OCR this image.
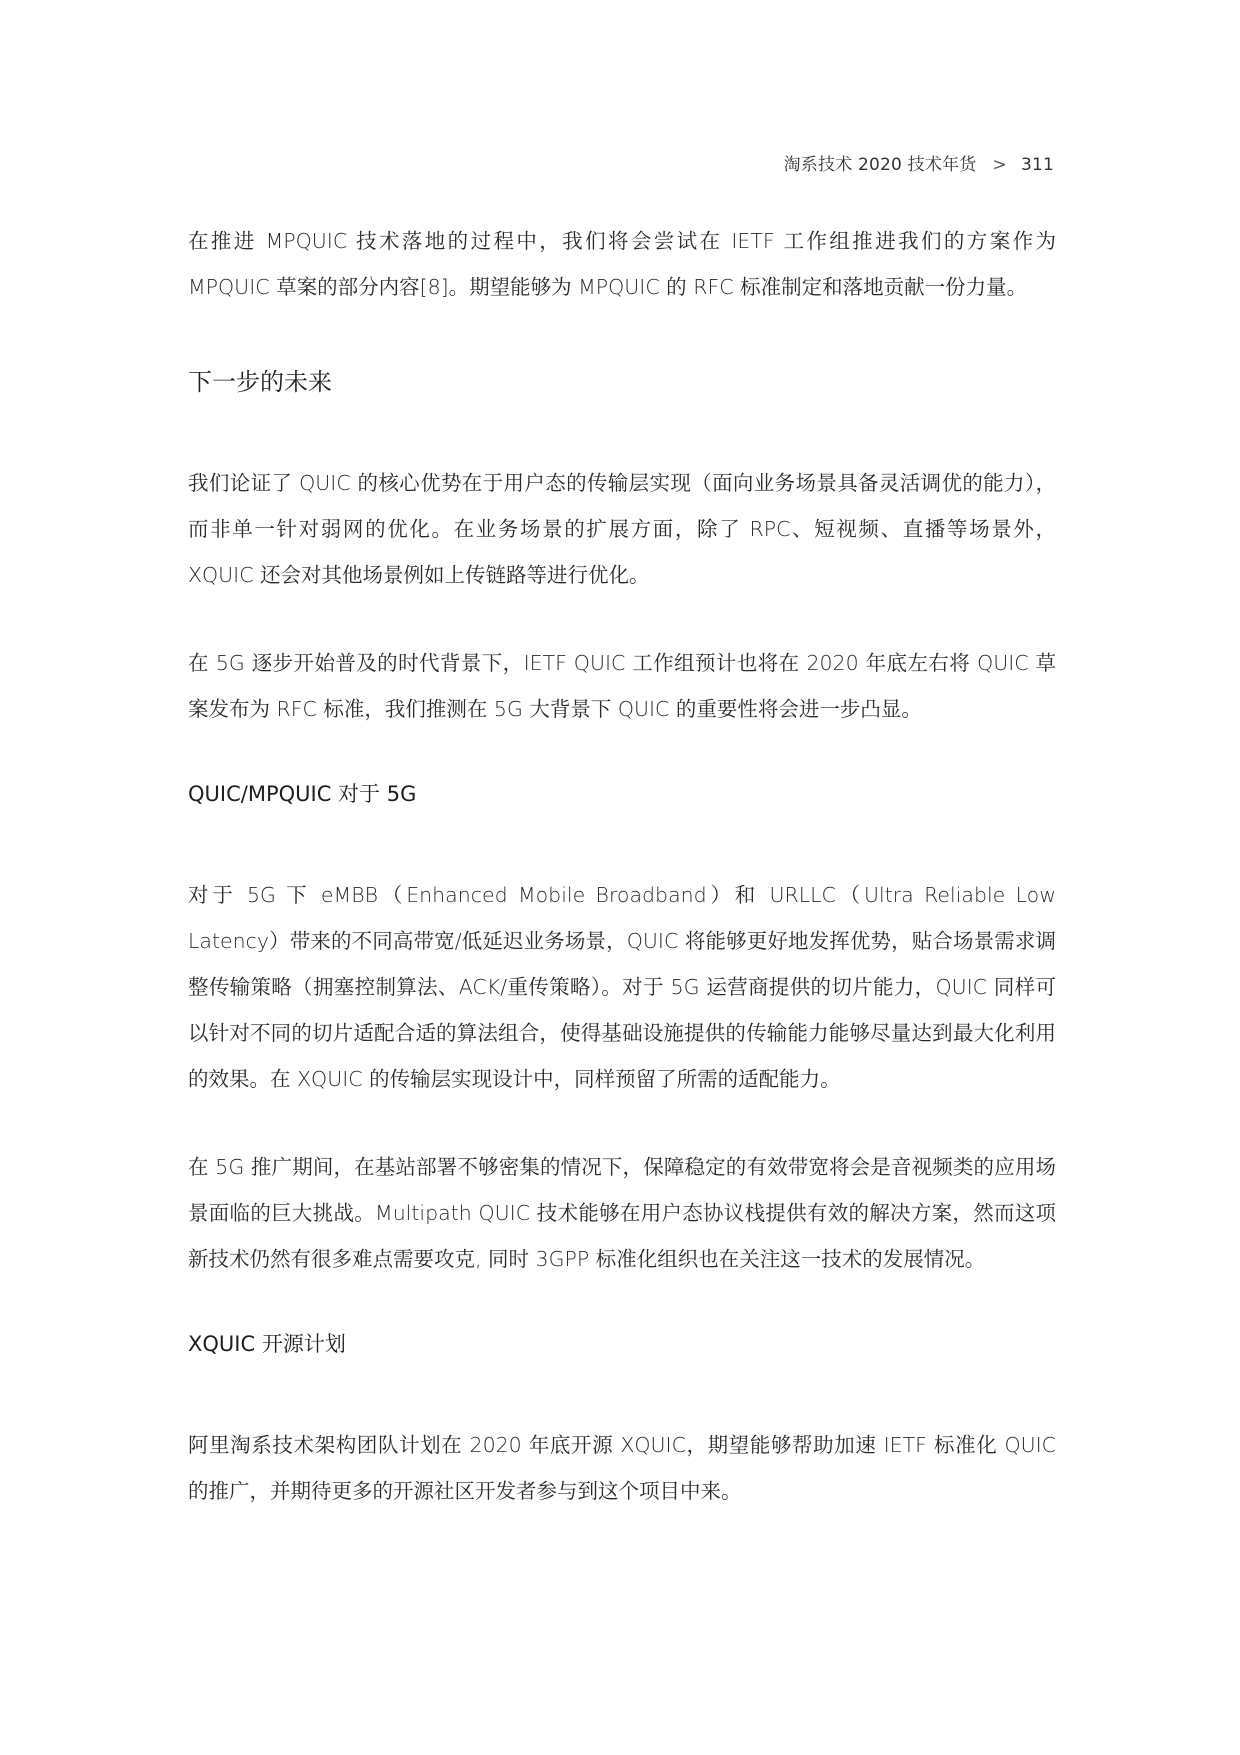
淘系技术 2020 技术年货 > 311

在推进 MPQUIC 技术落地的过程中，我们将会尝试在 IETF 工作组推进我们的方案作为 MPQUIC 草案的部分内容[8]。期望能够为 MPQUIC 的 RFC 标准制定和落地贡献一份力量。

下一步的未来

我们论证了 QUIC 的核心优势在于用户态的传输层实现（面向业务场景具备灵活调优的能力），而非单一针对弱网的优化。在业务场景的扩展方面，除了 RPC、短视频、直播等场景外，XQUIC 还会对其他场景例如上传链路等进行优化。

在 5G 逐步开始普及的时代背景下，IETF QUIC 工作组预计也将在 2020 年底左右将 QUIC 草案发布为 RFC 标准，我们推测在 5G 大背景下 QUIC 的重要性将会进一步凸显。

QUIC/MPQUIC 对于 5G

对于 5G 下 eMBB（Enhanced Mobile Broadband）和 URLLC（Ultra Reliable Low Latency）带来的不同高带宽/低延迟业务场景，QUIC 将能够更好地发挥优势，贴合场景需求调整传输策略（拥塞控制算法、ACK/重传策略）。对于 5G 运营商提供的切片能力，QUIC 同样可以针对不同的切片适配合适的算法组合，使得基础设施提供的传输能力能够尽量达到最大化利用的效果。在 XQUIC 的传输层实现设计中，同样预留了所需的适配能力。

在 5G 推广期间，在基站部署不够密集的情况下，保障稳定的有效带宽将会是音视频类的应用场景面临的巨大挑战。Multipath QUIC 技术能够在用户态协议栈提供有效的解决方案，然而这项新技术仍然有很多难点需要攻克, 同时 3GPP 标准化组织也在关注这一技术的发展情况。

XQUIC 开源计划

阿里淘系技术架构团队计划在 2020 年底开源 XQUIC，期望能够帮助加速 IETF 标准化 QUIC 的推广，并期待更多的开源社区开发者参与到这个项目中来。
